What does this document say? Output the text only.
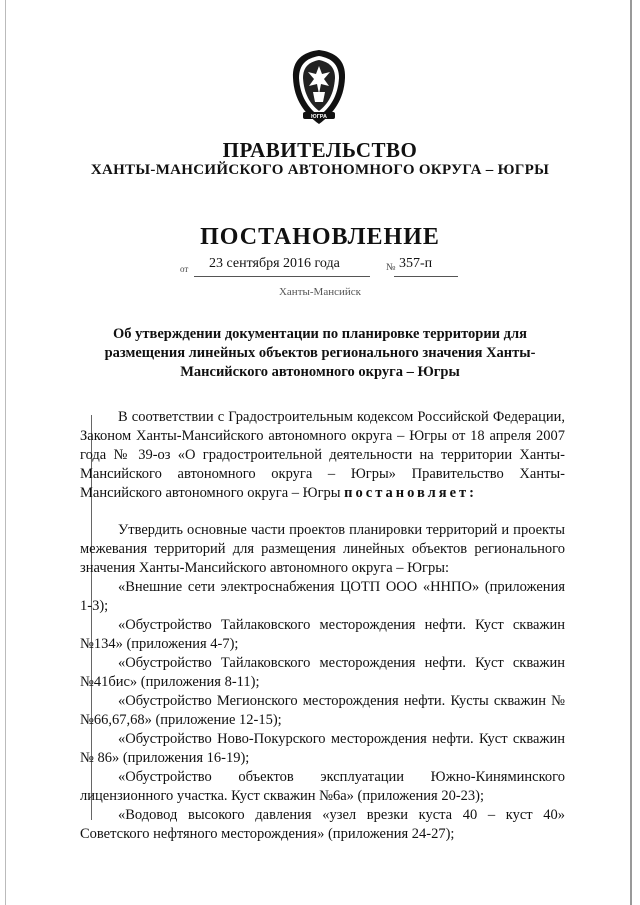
ЮГРА
ПРАВИТЕЛЬСТВО
ХАНТЫ-МАНСИЙСКОГО АВТОНОМНОГО ОКРУГА – ЮГРЫ
ПОСТАНОВЛЕНИЕ
от 23 сентября 2016 года	№ 357-п
Ханты-Мансийск
Об утверждении документации по планировке территории для размещения линейных объектов регионального значения Ханты-Мансийского автономного округа – Югры

В соответствии с Градостроительным кодексом Российской Федерации, Законом Ханты-Мансийского автономного округа – Югры от 18 апреля 2007 года № 39-оз «О градостроительной деятельности на территории Ханты-Мансийского автономного округа – Югры» Правительство Ханты-Мансийского автономного округа – Югры постановляет:

Утвердить основные части проектов планировки территорий и проекты межевания территорий для размещения линейных объектов регионального значения Ханты-Мансийского автономного округа – Югры:

«Внешние сети электроснабжения ЦОТП ООО «ННПО» (приложения 1-3);

«Обустройство Тайлаковского месторождения нефти. Куст скважин №134» (приложения 4-7);

«Обустройство Тайлаковского месторождения нефти. Куст скважин №41бис» (приложения 8-11);

«Обустройство Мегионского месторождения нефти. Кусты скважин №№66,67,68» (приложение 12-15);

«Обустройство Ново-Покурского месторождения нефти. Куст скважин № 86» (приложения 16-19);

«Обустройство объектов эксплуатации Южно-Киняминского лицензионного участка. Куст скважин №6а» (приложения 20-23);

«Водовод высокого давления «узел врезки куста 40 – куст 40» Советского нефтяного месторождения» (приложения 24-27);
